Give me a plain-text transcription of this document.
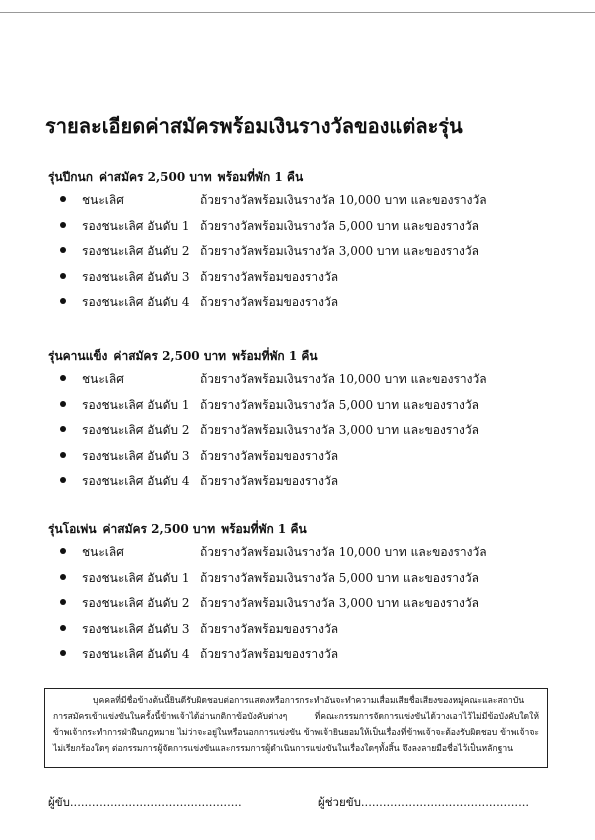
รายละเอียดค่าสมัครพร้อมเงินรางวัลของแต่ละรุ่น
รุ่นปีกนก ค่าสมัคร 2,500 บาท พร้อมที่พัก 1 คืน
ชนะเลิศ	ถ้วยรางวัลพร้อมเงินรางวัล 10,000 บาท และของรางวัล
รองชนะเลิศ อันดับ 1 ถ้วยรางวัลพร้อมเงินรางวัล 5,000 บาท และของรางวัล
รองชนะเลิศ อันดับ 2 ถ้วยรางวัลพร้อมเงินรางวัล 3,000 บาท และของรางวัล
รองชนะเลิศ อันดับ 3 ถ้วยรางวัลพร้อมของรางวัล
รองชนะเลิศ อันดับ 4 ถ้วยรางวัลพร้อมของรางวัล
รุ่นคานแข็ง ค่าสมัคร 2,500 บาท พร้อมที่พัก 1 คืน
ชนะเลิศ	ถ้วยรางวัลพร้อมเงินรางวัล 10,000 บาท และของรางวัล
รองชนะเลิศ อันดับ 1 ถ้วยรางวัลพร้อมเงินรางวัล 5,000 บาท และของรางวัล
รองชนะเลิศ อันดับ 2 ถ้วยรางวัลพร้อมเงินรางวัล 3,000 บาท และของรางวัล
รองชนะเลิศ อันดับ 3 ถ้วยรางวัลพร้อมของรางวัล
รองชนะเลิศ อันดับ 4 ถ้วยรางวัลพร้อมของรางวัล
รุ่นโอเพ่น ค่าสมัคร 2,500 บาท พร้อมที่พัก 1 คืน
ชนะเลิศ	ถ้วยรางวัลพร้อมเงินรางวัล 10,000 บาท และของรางวัล
รองชนะเลิศ อันดับ 1 ถ้วยรางวัลพร้อมเงินรางวัล 5,000 บาท และของรางวัล
รองชนะเลิศ อันดับ 2 ถ้วยรางวัลพร้อมเงินรางวัล 3,000 บาท และของรางวัล
รองชนะเลิศ อันดับ 3 ถ้วยรางวัลพร้อมของรางวัล
รองชนะเลิศ อันดับ 4 ถ้วยรางวัลพร้อมของรางวัล
บุคคลที่มีชื่อข้างต้นนี้ยินดีรับผิดชอบต่อการแสดงหรือการกระทำอันจะทำความเสื่อมเสียชื่อเสียงของหมู่คณะและสถาบัน การสมัครเข้าแข่งขันในครั้งนี้ข้าพเจ้าได้อ่านกติกาข้อบังคับต่างๆ ที่คณะกรรมการจัดการแข่งขันได้วางเอาไว้ไม่มีข้อบังคับใดให้ข้าพเจ้ากระทำการฝ่าฝืนกฎหมาย ไม่ว่าจะอยู่ในหรือนอกการแข่งขัน ข้าพเจ้ายินยอมให้เป็นเรื่องที่ข้าพเจ้าจะต้องรับผิดชอบ ข้าพเจ้าจะไม่เรียกร้องใดๆ ต่อกรรมการผู้จัดการแข่งขันและกรรมการผู้ดำเนินการแข่งขันในเรื่องใดๆทั้งสิ้น จึงลงลายมือชื่อไว้เป็นหลักฐาน
ผู้ขับ...............................................	ผู้ช่วยขับ..............................................
